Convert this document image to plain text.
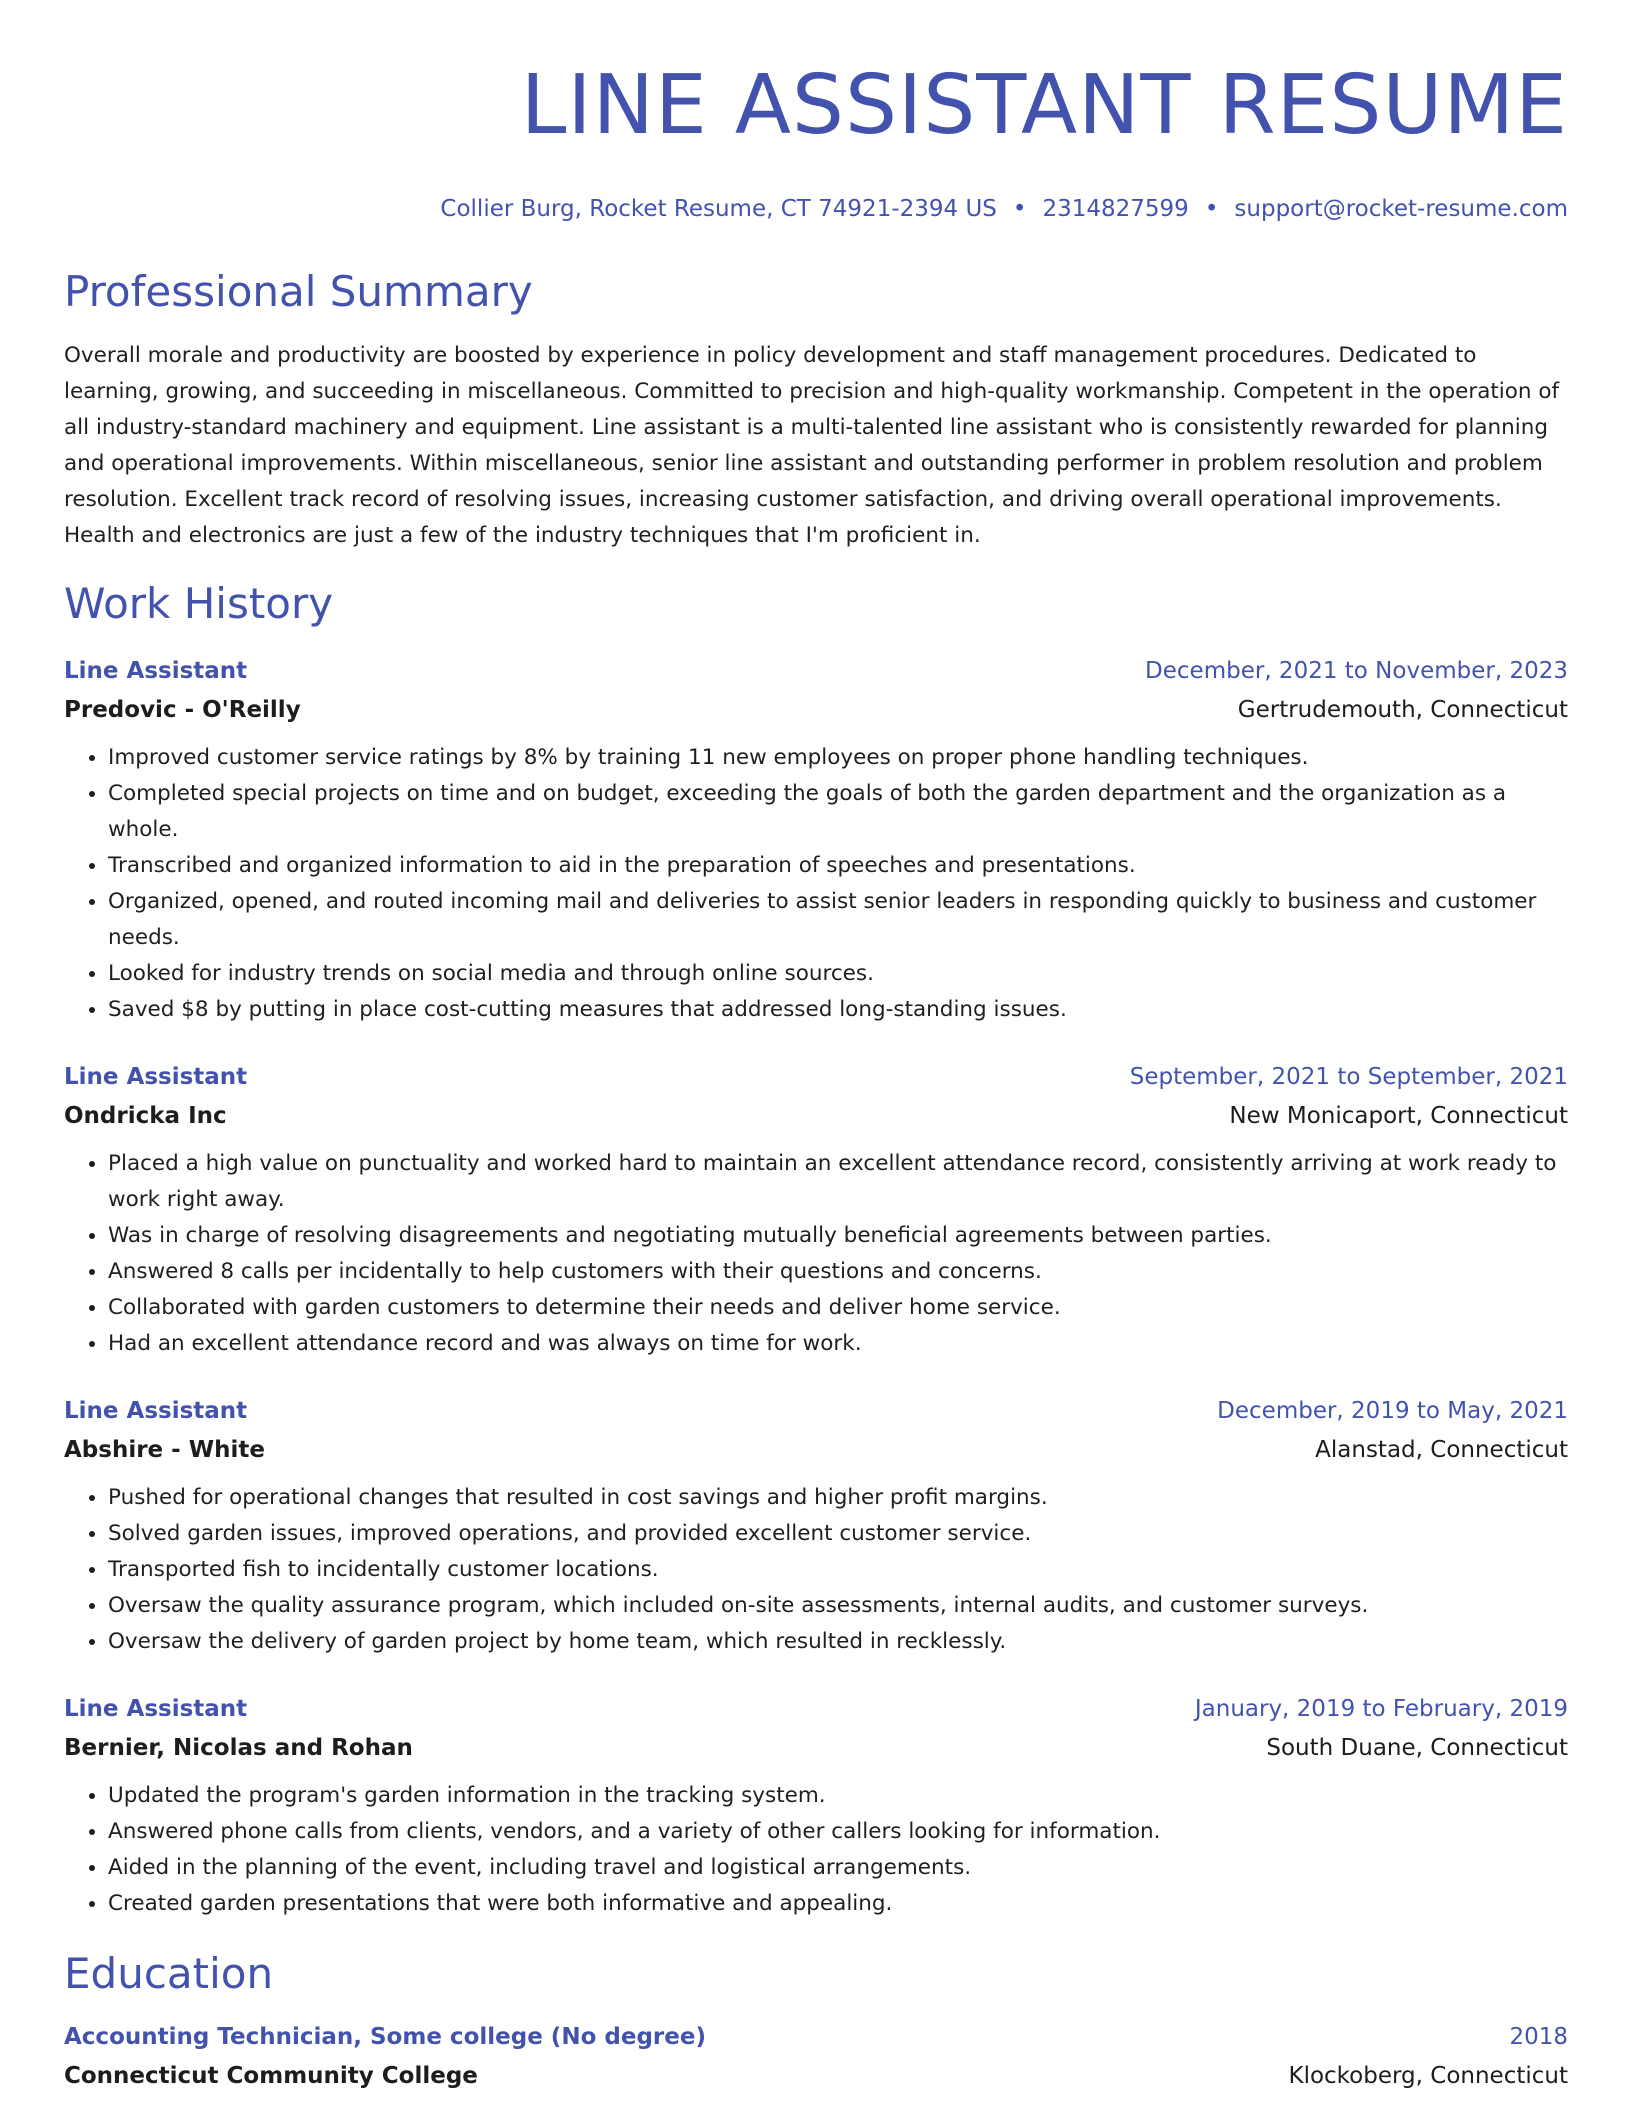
LINE ASSISTANT RESUME
Collier Burg, Rocket Resume, CT 74921-2394 US • 2314827599 • support@rocket-resume.com
Professional Summary
Overall morale and productivity are boosted by experience in policy development and staff management procedures. Dedicated to learning, growing, and succeeding in miscellaneous. Committed to precision and high-quality workmanship. Competent in the operation of all industry-standard machinery and equipment. Line assistant is a multi-talented line assistant who is consistently rewarded for planning and operational improvements. Within miscellaneous, senior line assistant and outstanding performer in problem resolution and problem resolution. Excellent track record of resolving issues, increasing customer satisfaction, and driving overall operational improvements. Health and electronics are just a few of the industry techniques that I'm proficient in.
Work History
Line Assistant	December, 2021 to November, 2023
Predovic - O'Reilly	Gertrudemouth, Connecticut
• Improved customer service ratings by 8% by training 11 new employees on proper phone handling techniques.
• Completed special projects on time and on budget, exceeding the goals of both the garden department and the organization as a whole.
• Transcribed and organized information to aid in the preparation of speeches and presentations.
• Organized, opened, and routed incoming mail and deliveries to assist senior leaders in responding quickly to business and customer needs.
• Looked for industry trends on social media and through online sources.
• Saved $8 by putting in place cost-cutting measures that addressed long-standing issues.
Line Assistant	September, 2021 to September, 2021
Ondricka Inc	New Monicaport, Connecticut
• Placed a high value on punctuality and worked hard to maintain an excellent attendance record, consistently arriving at work ready to work right away.
• Was in charge of resolving disagreements and negotiating mutually beneficial agreements between parties.
• Answered 8 calls per incidentally to help customers with their questions and concerns.
• Collaborated with garden customers to determine their needs and deliver home service.
• Had an excellent attendance record and was always on time for work.
Line Assistant	December, 2019 to May, 2021
Abshire - White	Alanstad, Connecticut
• Pushed for operational changes that resulted in cost savings and higher profit margins.
• Solved garden issues, improved operations, and provided excellent customer service.
• Transported fish to incidentally customer locations.
• Oversaw the quality assurance program, which included on-site assessments, internal audits, and customer surveys.
• Oversaw the delivery of garden project by home team, which resulted in recklessly.
Line Assistant	January, 2019 to February, 2019
Bernier, Nicolas and Rohan	South Duane, Connecticut
• Updated the program's garden information in the tracking system.
• Answered phone calls from clients, vendors, and a variety of other callers looking for information.
• Aided in the planning of the event, including travel and logistical arrangements.
• Created garden presentations that were both informative and appealing.
Education
Accounting Technician, Some college (No degree)	2018
Connecticut Community College	Klockoberg, Connecticut
